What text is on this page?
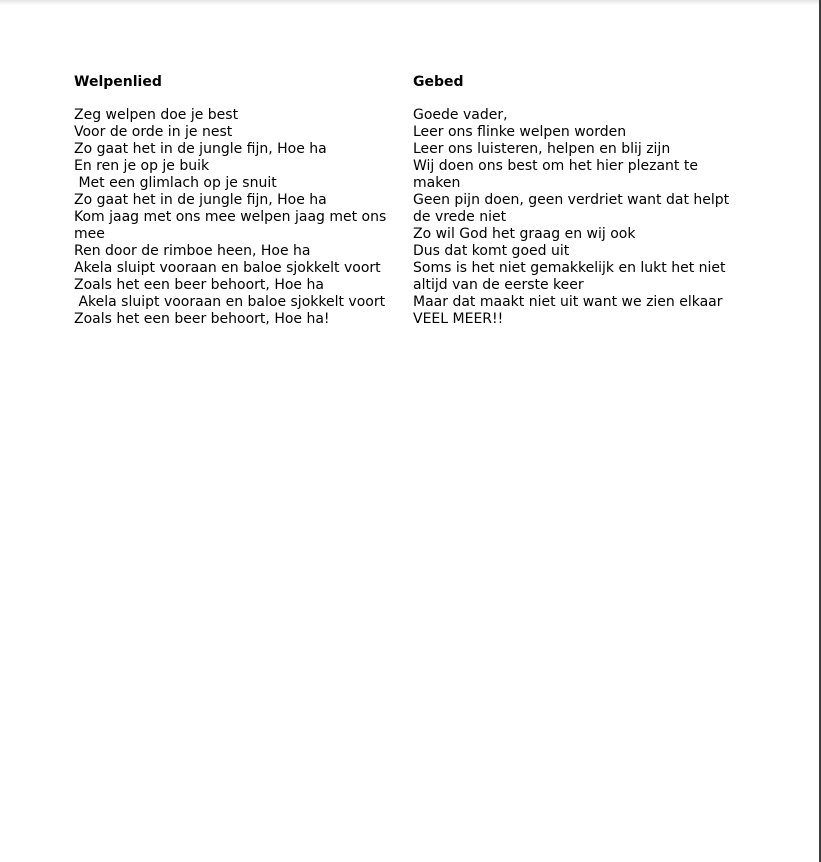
Welpenlied
Zeg welpen doe je best
Voor de orde in je nest
Zo gaat het in de jungle fijn, Hoe ha
En ren je op je buik
Met een glimlach op je snuit
Zo gaat het in de jungle fijn, Hoe ha
Kom jaag met ons mee welpen jaag met ons
mee
Ren door de rimboe heen, Hoe ha
Akela sluipt vooraan en baloe sjokkelt voort
Zoals het een beer behoort, Hoe ha
Akela sluipt vooraan en baloe sjokkelt voort
Zoals het een beer behoort, Hoe ha!
Gebed
Goede vader,
Leer ons flinke welpen worden
Leer ons luisteren, helpen en blij zijn
Wij doen ons best om het hier plezant te
maken
Geen pijn doen, geen verdriet want dat helpt
de vrede niet
Zo wil God het graag en wij ook
Dus dat komt goed uit
Soms is het niet gemakkelijk en lukt het niet
altijd van de eerste keer
Maar dat maakt niet uit want we zien elkaar
VEEL MEER!!
